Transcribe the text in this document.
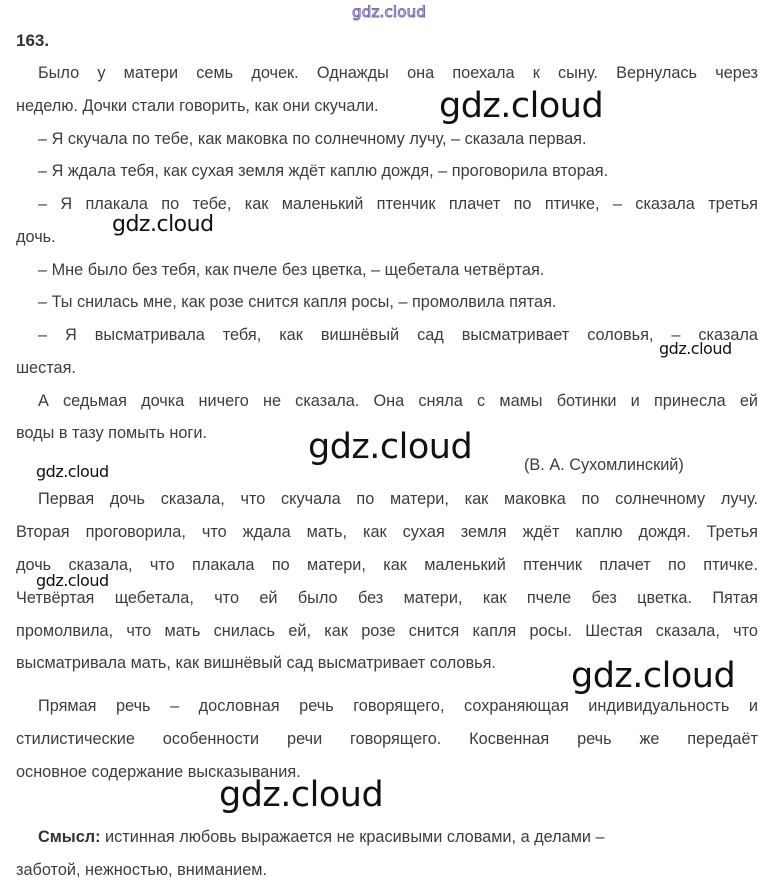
gdz.cloud
163.
Было у матери семь дочек. Однажды она поехала к сыну. Вернулась через
неделю. Дочки стали говорить, как они скучали.
– Я скучала по тебе, как маковка по солнечному лучу, – сказала первая.
– Я ждала тебя, как сухая земля ждёт каплю дождя, – проговорила вторая.
– Я плакала по тебе, как маленький птенчик плачет по птичке, – сказала третья
дочь.
– Мне было без тебя, как пчеле без цветка, – щебетала четвёртая.
– Ты снилась мне, как розе снится капля росы, – промолвила пятая.
– Я высматривала тебя, как вишнёвый сад высматривает соловья, – сказала
шестая.
А седьмая дочка ничего не сказала. Она сняла с мамы ботинки и принесла ей
воды в тазу помыть ноги.
(В. А. Сухомлинский)
Первая дочь сказала, что скучала по матери, как маковка по солнечному лучу.
Вторая проговорила, что ждала мать, как сухая земля ждёт каплю дождя. Третья
дочь сказала, что плакала по матери, как маленький птенчик плачет по птичке.
Четвёртая щебетала, что ей было без матери, как пчеле без цветка. Пятая
промолвила, что мать снилась ей, как розе снится капля росы. Шестая сказала, что
высматривала мать, как вишнёвый сад высматривает соловья.
Прямая речь – дословная речь говорящего, сохраняющая индивидуальность и
стилистические особенности речи говорящего. Косвенная речь же передаёт
основное содержание высказывания.
Смысл: истинная любовь выражается не красивыми словами, а делами –
заботой, нежностью, вниманием.
gdz.cloud
gdz.cloud
gdz.cloud
gdz.cloud
gdz.cloud
gdz.cloud
gdz.cloud
gdz.cloud
